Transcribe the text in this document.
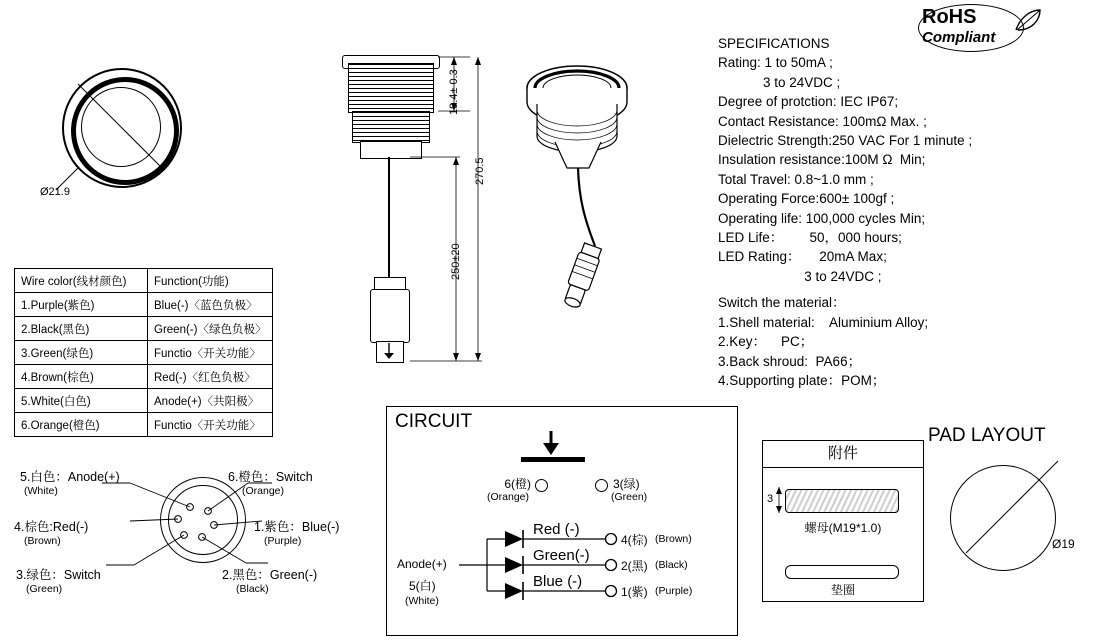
RoHS
Compliant
SPECIFICATIONS
Rating: 1 to 50mA ;
3 to 24VDC ;
Degree of protction: IEC IP67;
Contact Resistance: 100mΩ Max. ;
Dielectric Strength:250 VAC For 1 minute ;
Insulation resistance:100M Ω  Min;
Total Travel: 0.8~1.0 mm ;
Operating Force:600± 100gf ;
Operating life: 100,000 cycles Min;
LED Life：       50，000 hours;
LED Rating：     20mA Max;
3 to 24VDC ;
Switch the material：
1.Shell material:    Aluminium Alloy;
2.Key：    PC；
3.Back shroud:  PA66；
4.Supporting plate：POM；
Ø21.9
19.4± 0.3
270.5
250±20
Wire color(线材颜色)	Function(功能)
1.Purple(紫色)	Blue(-)〈蓝色负极〉
2.Black(黑色)	Green(-)〈绿色负极〉
3.Green(绿色)	Functio〈开关功能〉
4.Brown(棕色)	Red(-)〈红色负极〉
5.White(白色)	Anode(+)〈共阳极〉
6.Orange(橙色)	Functio〈开关功能〉
5.白色：Anode(+)
(White)
6.橙色：Switch
(Orange)
4.棕色:Red(-)
(Brown)
1.紫色：Blue(-)
(Purple)
3.绿色：Switch
(Green)
2.黑色：Green(-)
(Black)
CIRCUIT
6(橙)
(Orange)
3(绿)
(Green)
Red (-)
Green(-)
Blue (-)
4(棕) (Brown)
2(黑) (Black)
1(紫) (Purple)
Anode(+)
5(白)
(White)
附件
3
螺母(M19*1.0)
垫圈
PAD LAYOUT
Ø19
